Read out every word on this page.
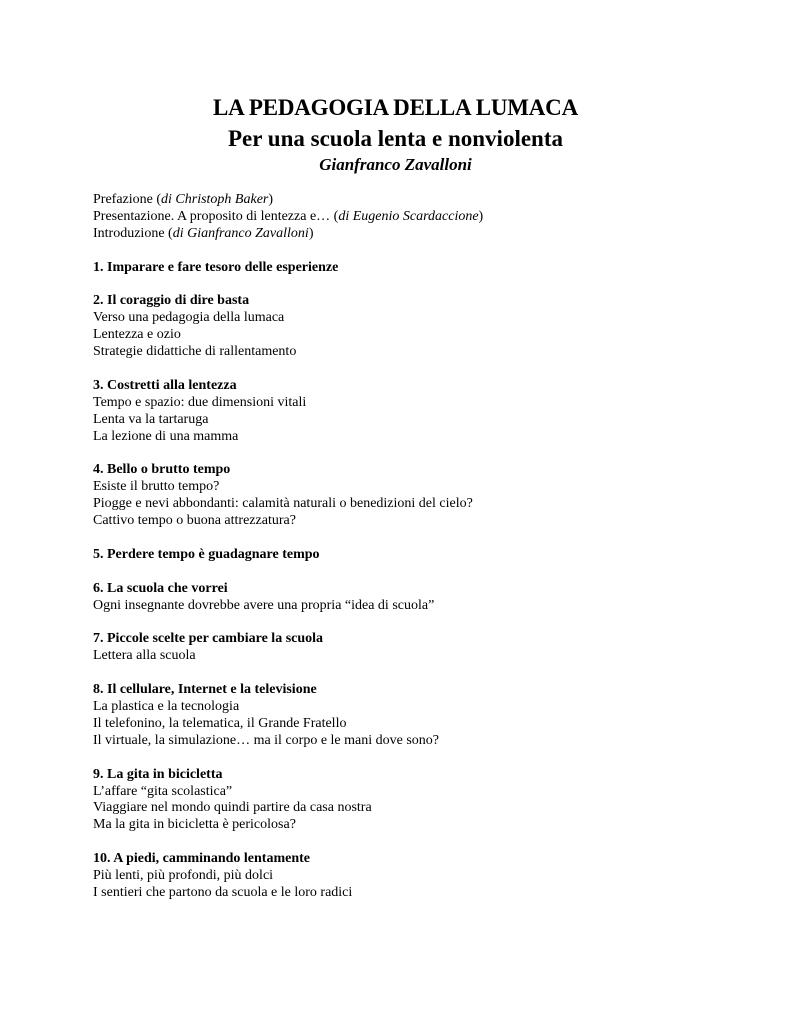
LA PEDAGOGIA DELLA LUMACA
Per una scuola lenta e nonviolenta
Gianfranco Zavalloni

Prefazione (di Christoph Baker)

Presentazione. A proposito di lentezza e… (di Eugenio Scardaccione)

Introduzione (di Gianfranco Zavalloni)

1. Imparare e fare tesoro delle esperienze

2. Il coraggio di dire basta

Verso una pedagogia della lumaca

Lentezza e ozio

Strategie didattiche di rallentamento

3. Costretti alla lentezza

Tempo e spazio: due dimensioni vitali

Lenta va la tartaruga

La lezione di una mamma

4. Bello o brutto tempo

Esiste il brutto tempo?

Piogge e nevi abbondanti: calamità naturali o benedizioni del cielo?

Cattivo tempo o buona attrezzatura?

5. Perdere tempo è guadagnare tempo

6. La scuola che vorrei

Ogni insegnante dovrebbe avere una propria “idea di scuola”

7. Piccole scelte per cambiare la scuola

Lettera alla scuola

8. Il cellulare, Internet e la televisione

La plastica e la tecnologia

Il telefonino, la telematica, il Grande Fratello

Il virtuale, la simulazione… ma il corpo e le mani dove sono?

9. La gita in bicicletta

L’affare “gita scolastica”

Viaggiare nel mondo quindi partire da casa nostra

Ma la gita in bicicletta è pericolosa?

10. A piedi, camminando lentamente

Più lenti, più profondi, più dolci

I sentieri che partono da scuola e le loro radici
